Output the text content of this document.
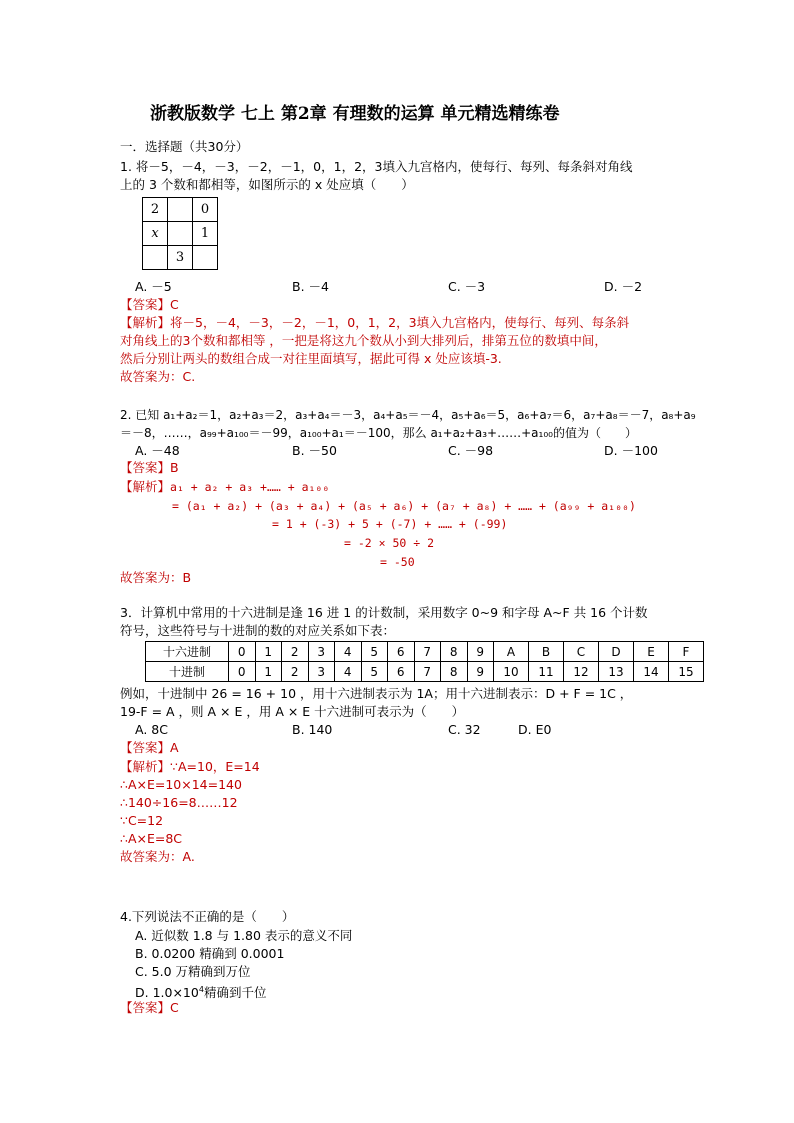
浙教版数学 七上 第2章 有理数的运算 单元精选精练卷
一．选择题（共30分）
1. 将－5，－4，－3，－2，－1，0，1，2，3填入九宫格内，使每行、每列、每条斜对角线
上的 3 个数和都相等，如图所示的 x 处应填（　　）
2		0
x		1
	3	
A. －5	B. －4	C. －3	D. －2
【答案】C
【解析】将－5，－4，－3，－2，－1，0，1，2，3填入九宫格内，使每行、每列、每条斜
对角线上的3个数和都相等 ，一把是将这九个数从小到大排列后，排第五位的数填中间，
然后分别让两头的数组合成一对往里面填写，据此可得 x 处应该填-3.
故答案为：C.
2. 已知 a₁+a₂＝1，a₂+a₃＝2，a₃+a₄＝－3，a₄+a₅＝－4，a₅+a₆＝5，a₆+a₇＝6，a₇+a₈＝－7，a₈+a₉
＝－8，……，a₉₉+a₁₀₀＝－99，a₁₀₀+a₁＝－100，那么 a₁+a₂+a₃+……+a₁₀₀的值为（　　）
A. －48	B. －50	C. －98	D. －100
【答案】B
【解析】a₁ + a₂ + a₃ +…… + a₁₀₀
= (a₁ + a₂) + (a₃ + a₄) + (a₅ + a₆) + (a₇ + a₈) + …… + (a₉₉ + a₁₀₀)
= 1 + (-3) + 5 + (-7) + …… + (-99)
= -2 × 50 ÷ 2
= -50
故答案为：B
3．计算机中常用的十六进制是逢 16 进 1 的计数制，采用数字 0~9 和字母 A~F 共 16 个计数
符号，这些符号与十进制的数的对应关系如下表：
十六进制	0	1	2	3	4	5	6	7	8	9	A	B	C	D	E	F
十进制	0	1	2	3	4	5	6	7	8	9	10	11	12	13	14	15
例如，十进制中 26 = 16 + 10 ，用十六进制表示为 1A；用十六进制表示：D + F = 1C ，
19-F = A ，则 A × E ，用 A × E 十六进制可表示为（　　）
A. 8C	B. 140	C. 32	D. E0
【答案】A
【解析】∵A=10，E=14
∴A×E=10×14=140
∴140÷16=8……12
∵C=12
∴A×E=8C
故答案为：A.
4.下列说法不正确的是（　　）
A. 近似数 1.8 与 1.80 表示的意义不同
B. 0.0200 精确到 0.0001
C. 5.0 万精确到万位
D. $1.0\times 10^4$精确到千位
【答案】C
